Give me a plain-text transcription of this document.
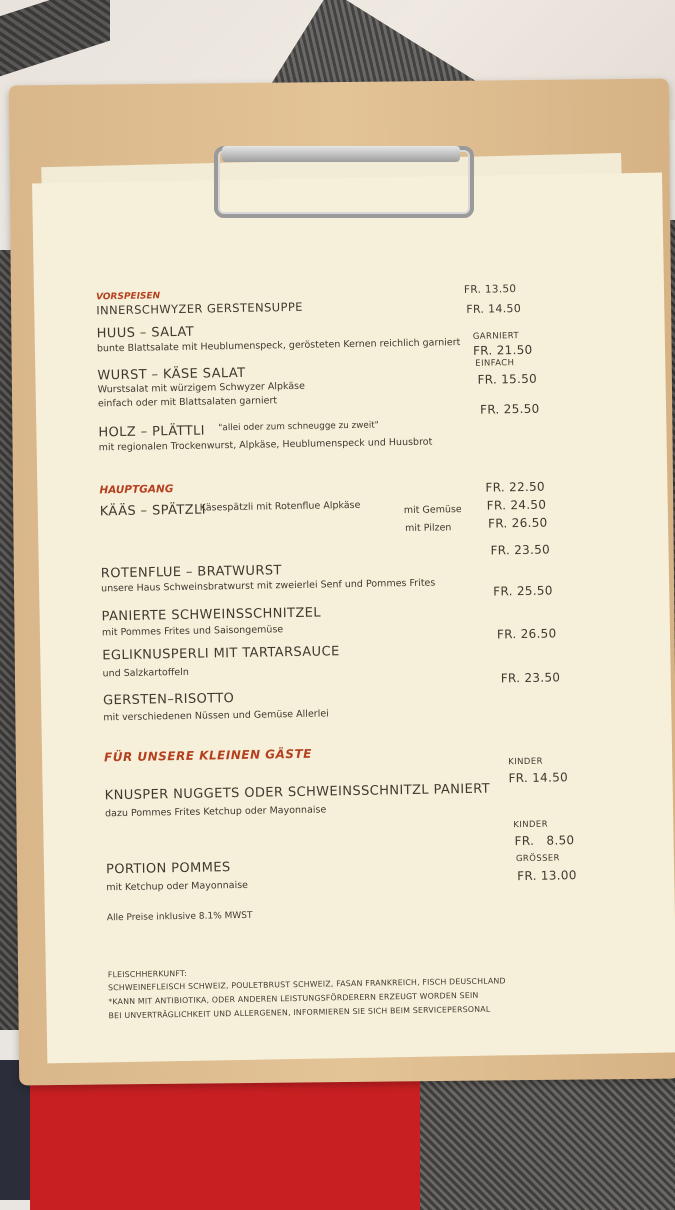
VORSPEISEN
INNERSCHWYZER GERSTENSUPPE
FR. 13.50
HUUS – SALAT
bunte Blattsalate mit Heublumenspeck, gerösteten Kernen reichlich garniert
FR. 14.50
GARNIERT
FR. 21.50
WURST – KÄSE SALAT
Wurstsalat mit würzigem Schwyzer Alpkäse
einfach oder mit Blattsalaten garniert
EINFACH
FR. 15.50
HOLZ – PLÄTTLI "allei oder zum schneugge zu zweit"
mit regionalen Trockenwurst, Alpkäse, Heublumenspeck und Huusbrot
FR. 25.50
HAUPTGANG
KÄÄS – SPÄTZLI
Käsespätzli mit Rotenflue Alpkäse
FR. 22.50
mit Gemüse FR. 24.50
mit Pilzen	FR. 26.50
ROTENFLUE – BRATWURST
unsere Haus Schweinsbratwurst mit zweierlei Senf und Pommes Frites
FR. 23.50
PANIERTE SCHWEINSSCHNITZEL
mit Pommes Frites und Saisongemüse
FR. 25.50
EGLIKNUSPERLI MIT TARTARSAUCE
und Salzkartoffeln
FR. 26.50
GERSTEN–RISOTTO
mit verschiedenen Nüssen und Gemüse Allerlei
FR. 23.50
FÜR UNSERE KLEINEN GÄSTE	KINDER
FR. 14.50
KNUSPER NUGGETS ODER SCHWEINSSCHNITZL PANIERT
dazu Pommes Frites Ketchup oder Mayonnaise
KINDER
FR.   8.50
GRÖSSER
FR. 13.00
PORTION POMMES
mit Ketchup oder Mayonnaise
Alle Preise inklusive 8.1% MWST
FLEISCHHERKUNFT:
SCHWEINEFLEISCH SCHWEIZ, POULETBRUST SCHWEIZ, FASAN FRANKREICH, FISCH DEUSCHLAND
*KANN MIT ANTIBIOTIKA, ODER ANDEREN LEISTUNGSFÖRDERERN ERZEUGT WORDEN SEIN
BEI UNVERTRÄGLICHKEIT UND ALLERGENEN, INFORMIEREN SIE SICH BEIM SERVICEPERSONAL
